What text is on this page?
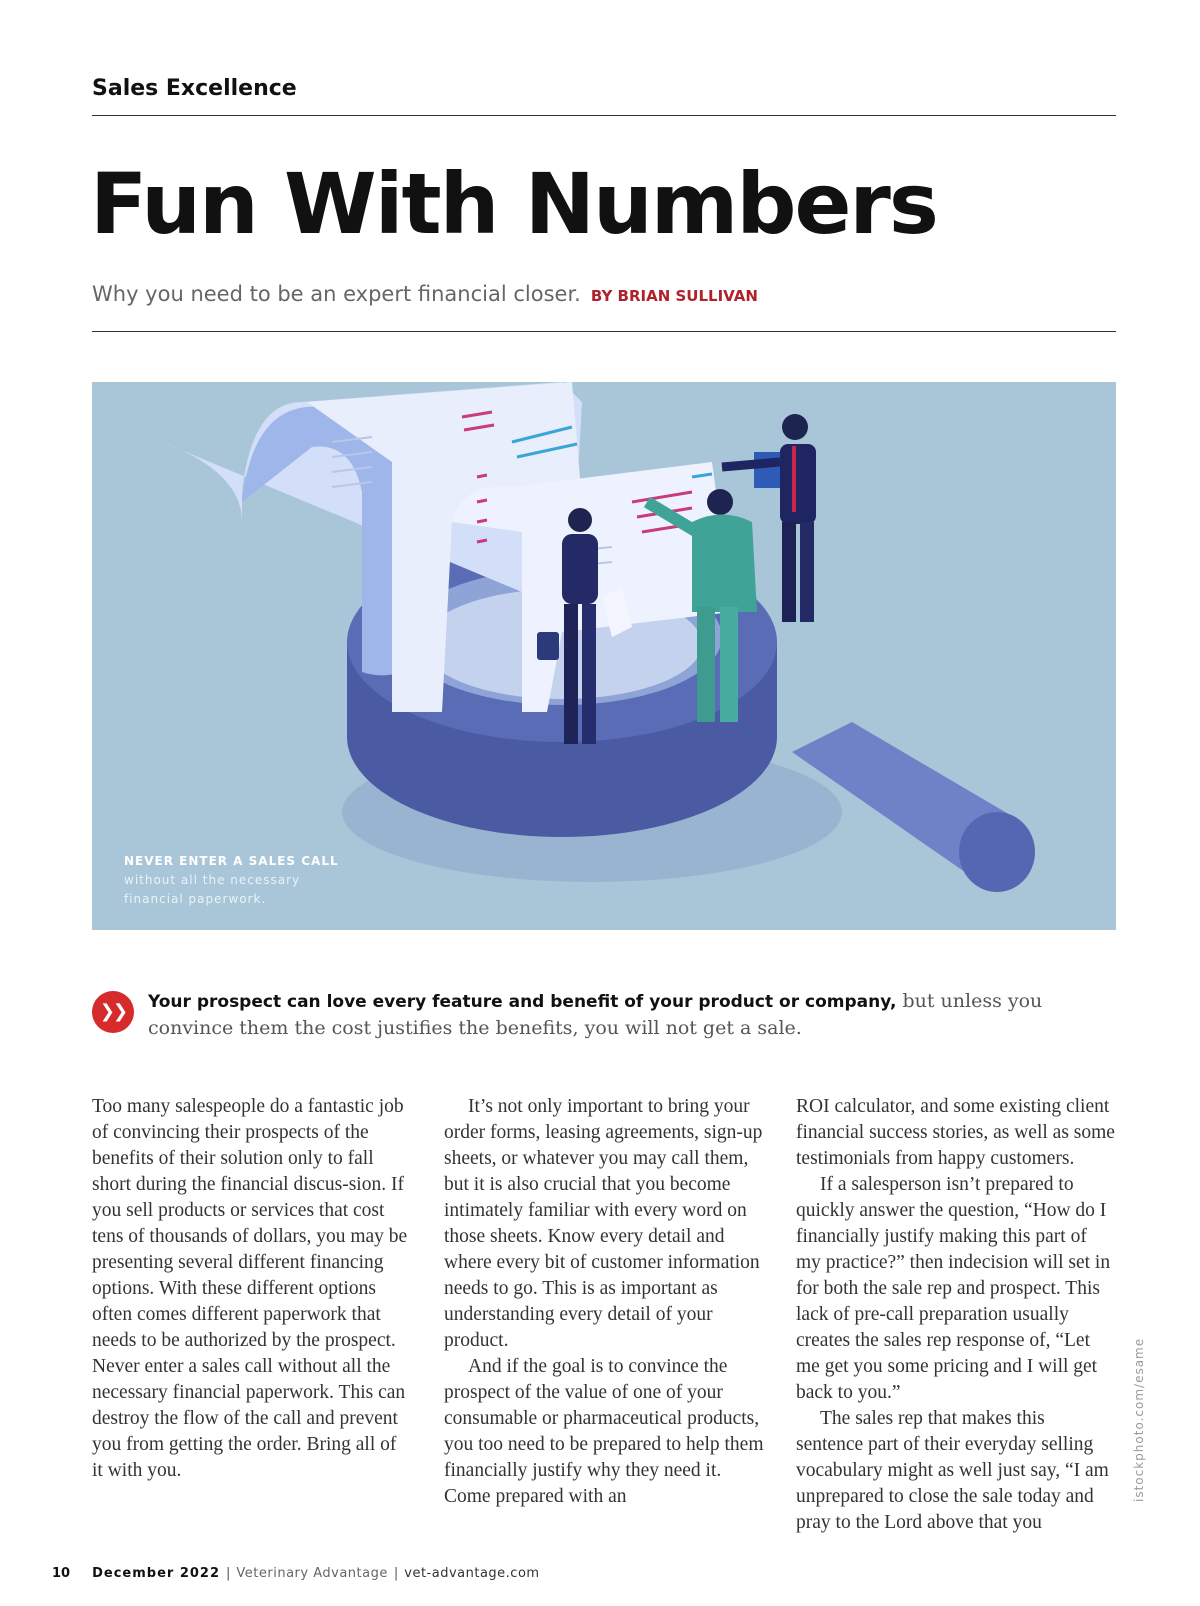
Sales Excellence
Fun With Numbers
Why you need to be an expert financial closer. BY BRIAN SULLIVAN
NEVER ENTER A SALES CALL
without all the necessary financial paperwork.
❯❯	Your prospect can love every feature and benefit of your product or company, but unless you convince them the cost justifies the benefits, you will not get a sale.

Too many salespeople do a fantastic job of convincing their prospects of the benefits of their solution only to fall short during the financial discus-sion. If you sell products or services that cost tens of thousands of dollars, you may be presenting several different financing options. With these different options often comes different paperwork that needs to be authorized by the prospect. Never enter a sales call without all the necessary financial paperwork. This can destroy the flow of the call and prevent you from getting the order. Bring all of it with you.

It’s not only important to bring your order forms, leasing agreements, sign-up sheets, or whatever you may call them, but it is also crucial that you become intimately familiar with every word on those sheets. Know every detail and where every bit of customer information needs to go. This is as important as understanding every detail of your product.

And if the goal is to convince the prospect of the value of one of your consumable or pharmaceutical products, you too need to be prepared to help them financially justify why they need it. Come prepared with an

ROI calculator, and some existing client financial success stories, as well as some testimonials from happy customers.

If a salesperson isn’t prepared to quickly answer the question, “How do I financially justify making this part of my practice?” then indecision will set in for both the sale rep and prospect. This lack of pre-call preparation usually creates the sales rep response of, “Let me get you some pricing and I will get back to you.”

The sales rep that makes this sentence part of their everyday selling vocabulary might as well just say, “I am unprepared to close the sale today and pray to the Lord above that you

istockphoto.com/esame
10 December 2022 | Veterinary Advantage | vet-advantage.com
